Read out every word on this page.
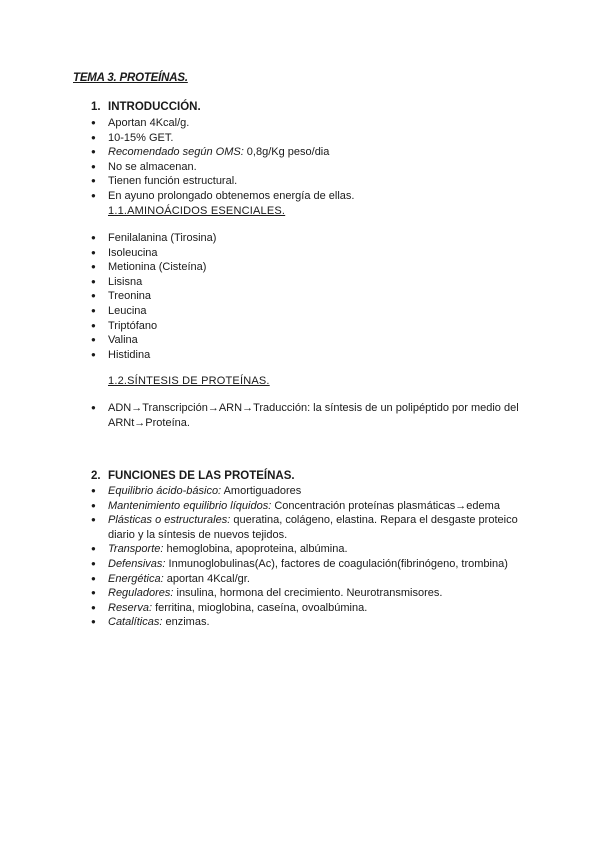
TEMA 3. PROTEÍNAS.
1. INTRODUCCIÓN.
● Aportan 4Kcal/g.
● 10-15% GET.
● Recomendado según OMS: 0,8g/Kg peso/dia
● No se almacenan.
● Tienen función estructural.
● En ayuno prolongado obtenemos energía de ellas.
1.1.AMINOÁCIDOS ESENCIALES.
● Fenilalanina (Tirosina)
● Isoleucina
● Metionina (Cisteína)
● Lisisna
● Treonina
● Leucina
● Triptófano
● Valina
● Histidina
1.2.SÍNTESIS DE PROTEÍNAS.
● ADN→Transcripción→ARN→Traducción: la síntesis de un polipéptido por medio del
ARNt→Proteína.
2. FUNCIONES DE LAS PROTEÍNAS.
● Equilibrio ácido-básico: Amortiguadores
● Mantenimiento equilibrio líquidos: Concentración proteínas plasmáticas→edema
● Plásticas o estructurales: queratina, colágeno, elastina. Repara el desgaste proteico diario y la síntesis de nuevos tejidos.
● Transporte: hemoglobina, apoproteina, albúmina.
● Defensivas: Inmunoglobulinas(Ac), factores de coagulación(fibrinógeno, trombina)
● Energética: aportan 4Kcal/gr.
● Reguladores: insulina, hormona del crecimiento. Neurotransmisores.
● Reserva: ferritina, mioglobina, caseína, ovoalbúmina.
● Catalíticas: enzimas.
